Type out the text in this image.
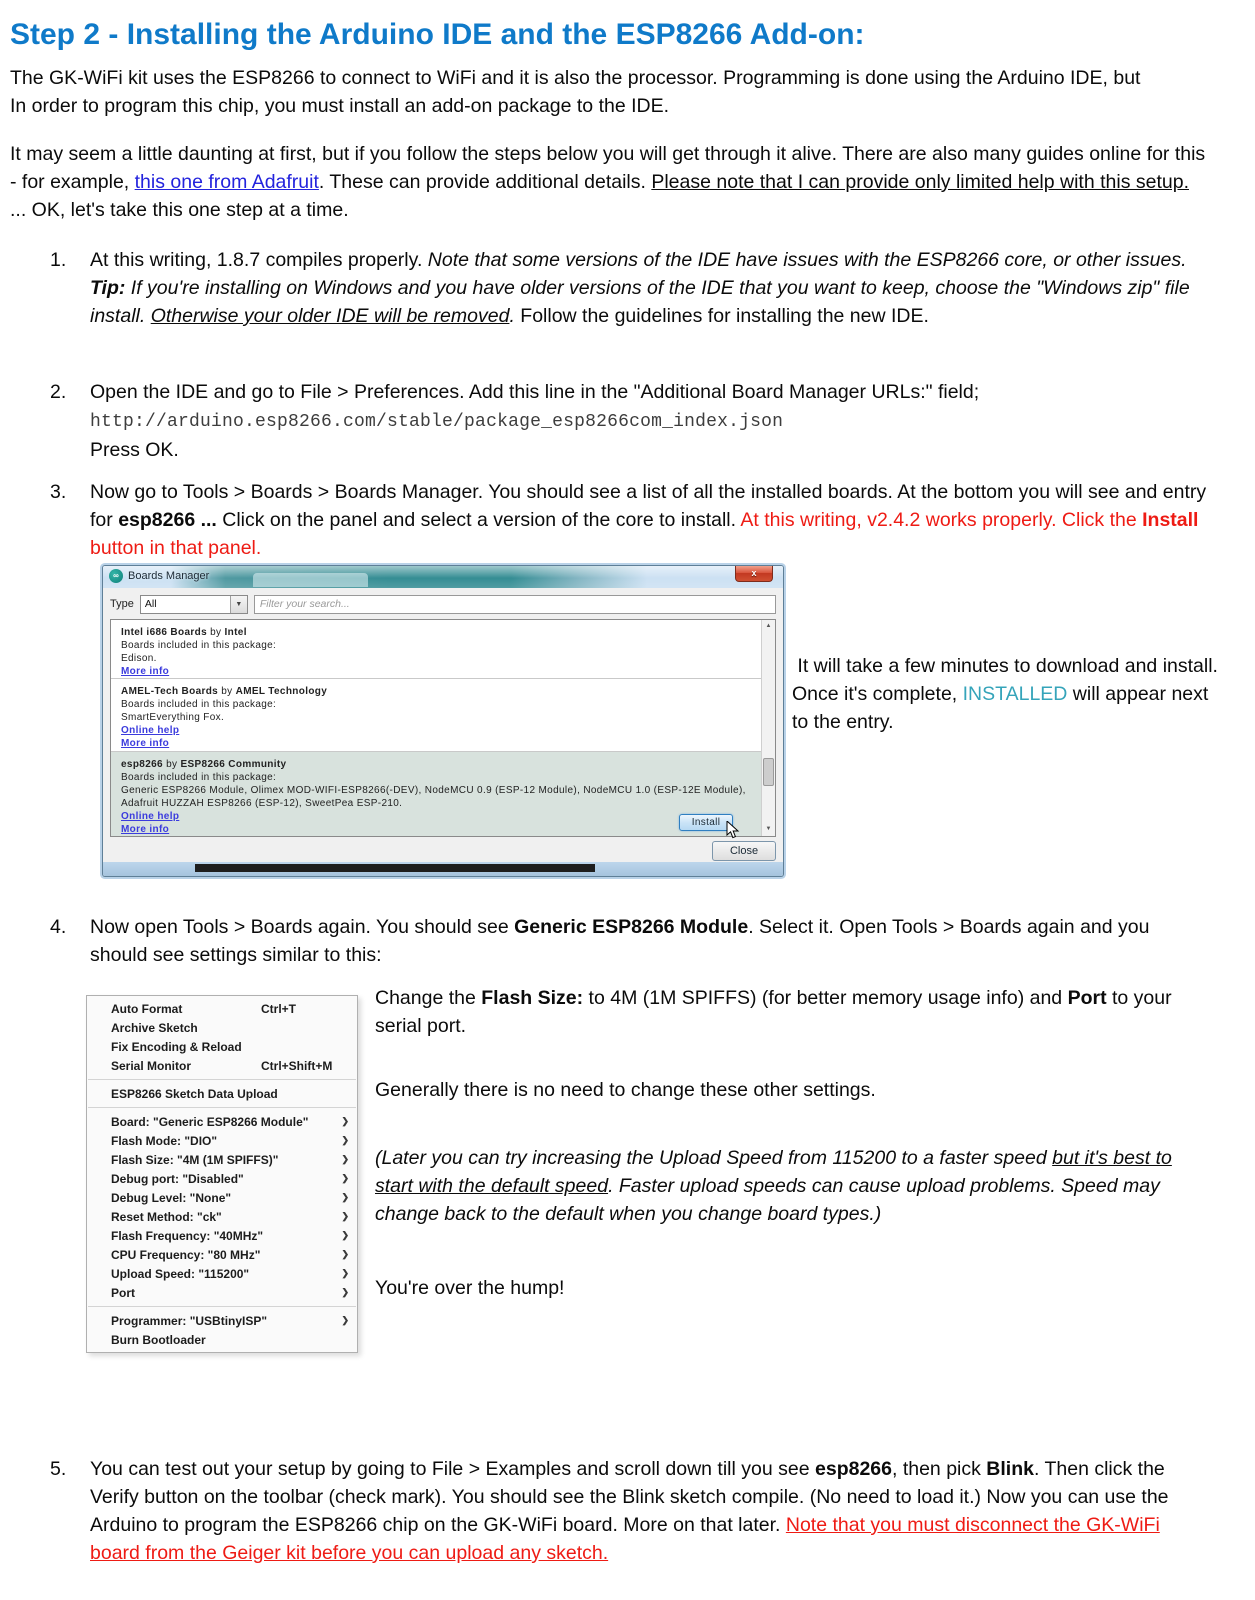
Step 2 - Installing the Arduino IDE and the ESP8266 Add-on:
The GK-WiFi kit uses the ESP8266 to connect to WiFi and it is also the processor. Programming is done using the Arduino IDE, but In order to program this chip, you must install an add-on package to the IDE.
It may seem a little daunting at first, but if you follow the steps below you will get through it alive. There are also many guides online for this - for example, this one from Adafruit. These can provide additional details. Please note that I can provide only limited help with this setup. ... OK, let's take this one step at a time.
1.	At this writing, 1.8.7 compiles properly. Note that some versions of the IDE have issues with the ESP8266 core, or other issues. Tip: If you're installing on Windows and you have older versions of the IDE that you want to keep, choose the "Windows zip" file install. Otherwise your older IDE will be removed. Follow the guidelines for installing the new IDE.
2.	Open the IDE and go to File > Preferences. Add this line in the "Additional Board Manager URLs:" field;
http://arduino.esp8266.com/stable/package_esp8266com_index.json
Press OK.
3.	Now go to Tools > Boards > Boards Manager. You should see a list of all the installed boards. At the bottom you will see and entry for esp8266 ... Click on the panel and select a version of the core to install. At this writing, v2.4.2 works properly. Click the Install button in that panel.
∞ Boards Manager	x
Type	All	▼
Filter your search...
Intel i686 Boards by Intel
Boards included in this package:
Edison.
More info
AMEL-Tech Boards by AMEL Technology
Boards included in this package:
SmartEverything Fox.
Online help
More info
esp8266 by ESP8266 Community
Boards included in this package:
Generic ESP8266 Module, Olimex MOD-WIFI-ESP8266(-DEV), NodeMCU 0.9 (ESP-12 Module), NodeMCU 1.0 (ESP-12E Module), Adafruit HUZZAH ESP8266 (ESP-12), SweetPea ESP-210.
Online help
More info
Install
▲
▼
Close
It will take a few minutes to download and install. Once it's complete, INSTALLED will appear next to the entry.
4.	Now open Tools > Boards again. You should see Generic ESP8266 Module. Select it. Open Tools > Boards again and you should see settings similar to this:
Auto Format	Ctrl+T
Archive Sketch
Fix Encoding & Reload
Serial Monitor	Ctrl+Shift+M
ESP8266 Sketch Data Upload
Board: "Generic ESP8266 Module"	❯
Flash Mode: "DIO"	❯
Flash Size: "4M (1M SPIFFS)"	❯
Debug port: "Disabled"	❯
Debug Level: "None"	❯
Reset Method: "ck"	❯
Flash Frequency: "40MHz"	❯
CPU Frequency: "80 MHz"	❯
Upload Speed: "115200"	❯
Port	❯
Programmer: "USBtinyISP"	❯
Burn Bootloader

Change the Flash Size: to 4M (1M SPIFFS) (for better memory usage info) and Port to your serial port.

Generally there is no need to change these other settings.

(Later you can try increasing the Upload Speed from 115200 to a faster speed but it's best to start with the default speed. Faster upload speeds can cause upload problems. Speed may change back to the default when you change board types.)

You're over the hump!

5.	You can test out your setup by going to File > Examples and scroll down till you see esp8266, then pick Blink. Then click the Verify button on the toolbar (check mark). You should see the Blink sketch compile. (No need to load it.) Now you can use the Arduino to program the ESP8266 chip on the GK-WiFi board. More on that later. Note that you must disconnect the GK-WiFi board from the Geiger kit before you can upload any sketch.
